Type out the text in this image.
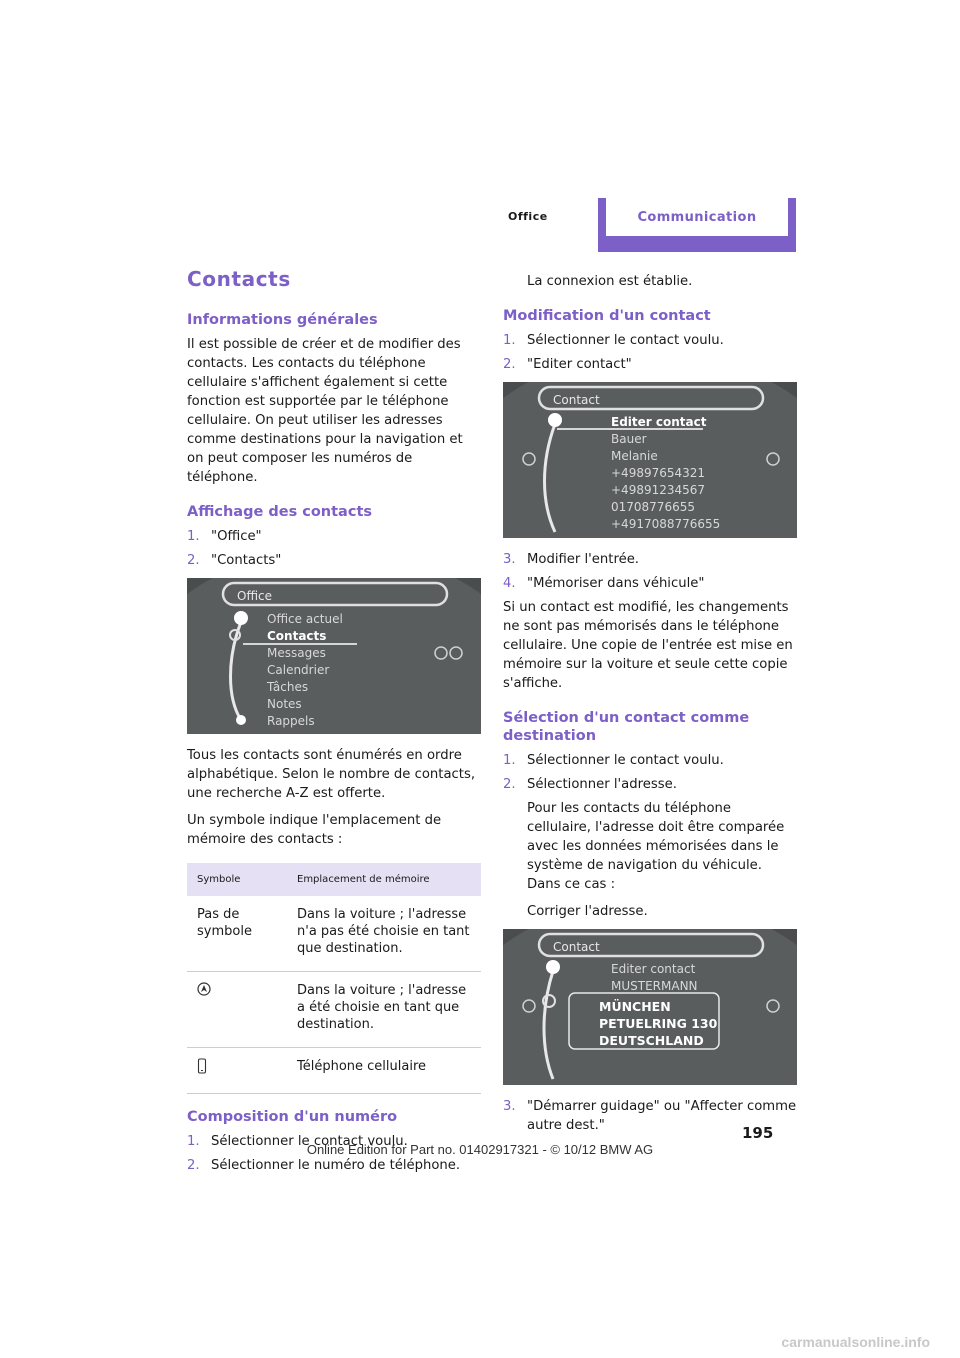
Office	Communication
Contacts
Informations générales

Il est possible de créer et de modifier des contacts. Les contacts du téléphone cellulaire s'affichent également si cette fonction est supportée par le téléphone cellulaire. On peut utiliser les adresses comme destinations pour la navigation et on peut composer les numéros de téléphone.

Affichage des contacts
1. "Office"
2. "Contacts"
Office
Office actuel
Contacts
Messages
Calendrier
Tâches
Notes
Rappels

Tous les contacts sont énumérés en ordre alphabétique. Selon le nombre de contacts, une recherche A-Z est offerte.

Un symbole indique l'emplacement de mémoire des contacts :

Symbole	Emplacement de mémoire
Pas de symbole	Dans la voiture ; l'adresse n'a pas été choisie en tant que destination.
	Dans la voiture ; l'adresse a été choisie en tant que destination.
	Téléphone cellulaire
Composition d'un numéro
1. Sélectionner le contact voulu.
2. Sélectionner le numéro de téléphone.
La connexion est établie.
Modification d'un contact
1. Sélectionner le contact voulu.
2. "Editer contact"
Contact
Editer contact
Bauer
Melanie
+49897654321
+49891234567
01708776655
+4917088776655
3. Modifier l'entrée.
4. "Mémoriser dans véhicule"

Si un contact est modifié, les changements ne sont pas mémorisés dans le téléphone cellulaire. Une copie de l'entrée est mise en mémoire sur la voiture et seule cette copie s'affiche.

Sélection d'un contact comme destination
1. Sélectionner le contact voulu.
2. Sélectionner l'adresse.
Pour les contacts du téléphone cellulaire, l'adresse doit être comparée avec les données mémorisées dans le système de navigation du véhicule. Dans ce cas :
Corriger l'adresse.
Contact
Editer contact
MUSTERMANN
MÜNCHEN
PETUELRING 130
DEUTSCHLAND
3. "Démarrer guidage" ou "Affecter comme autre dest."	195
Online Edition for Part no. 01402917321 - © 10/12 BMW AG
carmanualsonline.info
